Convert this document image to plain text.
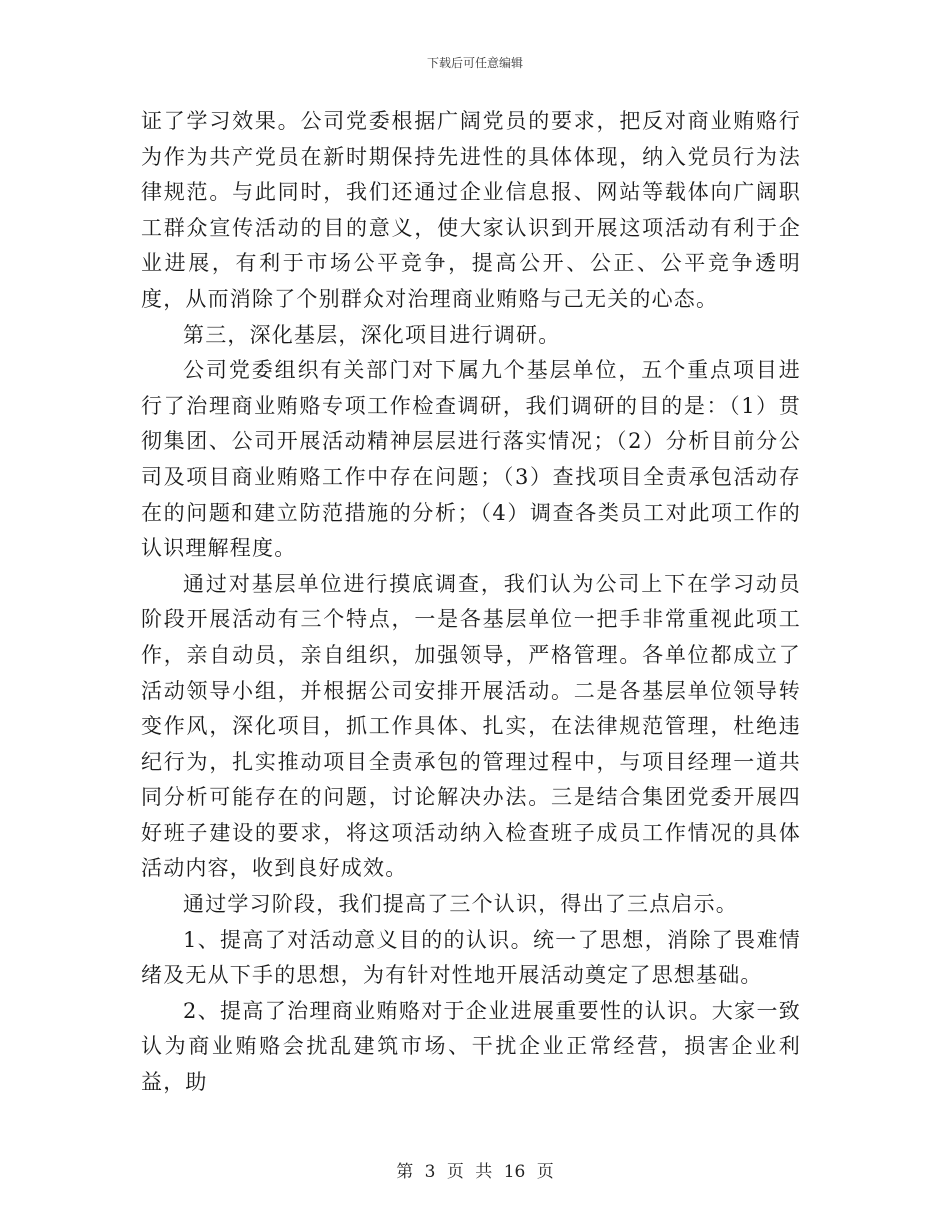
下载后可任意编辑

证了学习效果。公司党委根据广阔党员的要求，把反对商业贿赂行为作为共产党员在新时期保持先进性的具体体现，纳入党员行为法律规范。与此同时，我们还通过企业信息报、网站等载体向广阔职工群众宣传活动的目的意义，使大家认识到开展这项活动有利于企业进展，有利于市场公平竞争，提高公开、公正、公平竞争透明度，从而消除了个别群众对治理商业贿赂与己无关的心态。

第三，深化基层，深化项目进行调研。

公司党委组织有关部门对下属九个基层单位，五个重点项目进行了治理商业贿赂专项工作检查调研，我们调研的目的是：（1）贯彻集团、公司开展活动精神层层进行落实情况；（2）分析目前分公司及项目商业贿赂工作中存在问题；（3）查找项目全责承包活动存在的问题和建立防范措施的分析；（4）调查各类员工对此项工作的认识理解程度。

通过对基层单位进行摸底调查，我们认为公司上下在学习动员阶段开展活动有三个特点，一是各基层单位一把手非常重视此项工作，亲自动员，亲自组织，加强领导，严格管理。各单位都成立了活动领导小组，并根据公司安排开展活动。二是各基层单位领导转变作风，深化项目，抓工作具体、扎实，在法律规范管理，杜绝违纪行为，扎实推动项目全责承包的管理过程中，与项目经理一道共同分析可能存在的问题，讨论解决办法。三是结合集团党委开展四好班子建设的要求，将这项活动纳入检查班子成员工作情况的具体活动内容，收到良好成效。

通过学习阶段，我们提高了三个认识，得出了三点启示。

1、提高了对活动意义目的的认识。统一了思想，消除了畏难情绪及无从下手的思想，为有针对性地开展活动奠定了思想基础。

2、提高了治理商业贿赂对于企业进展重要性的认识。大家一致认为商业贿赂会扰乱建筑市场、干扰企业正常经营，损害企业利益，助

第 3 页 共 16 页
